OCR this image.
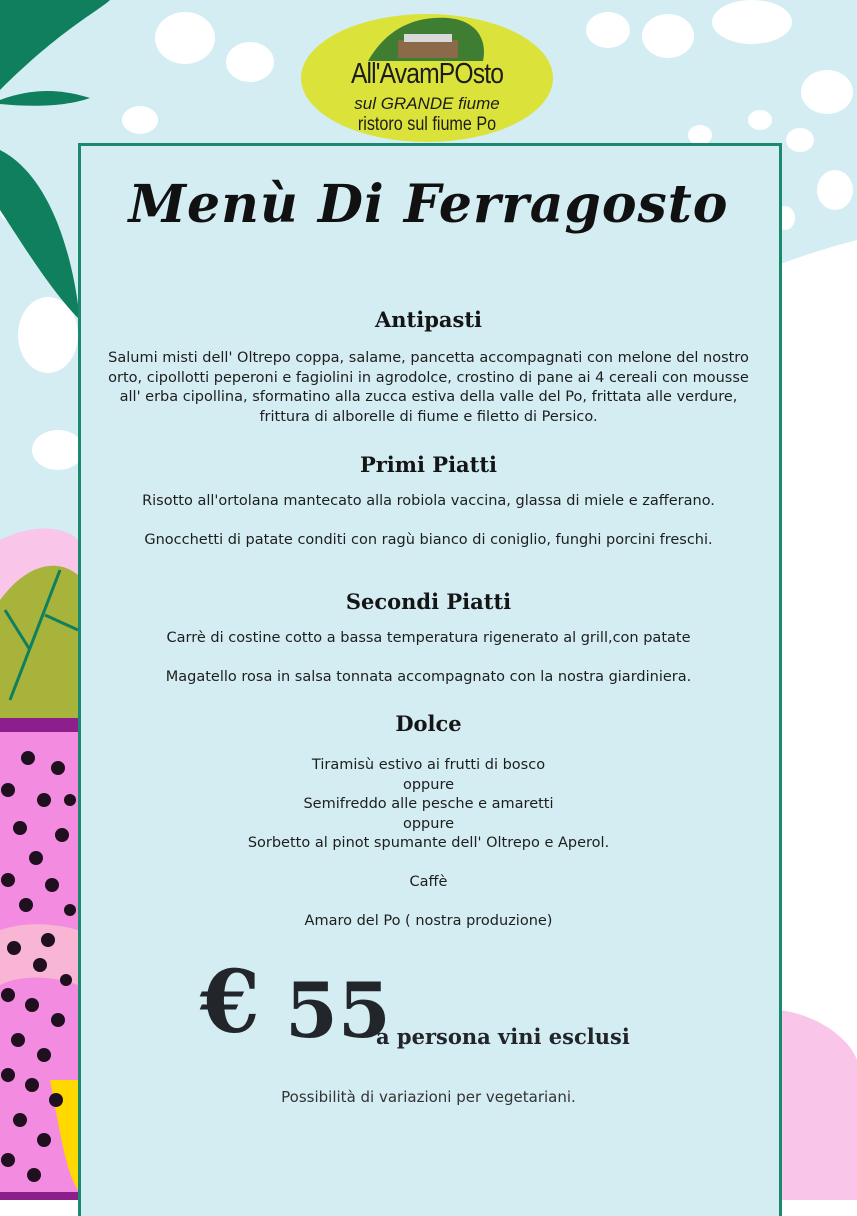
All'AvamPOsto
sul GRANDE fiume
ristoro sul fiume Po
Menù Di Ferragosto
Antipasti
Salumi misti dell' Oltrepo coppa, salame, pancetta accompagnati con melone del nostro orto, cipollotti peperoni e fagiolini in agrodolce, crostino di pane ai 4 cereali con mousse all' erba cipollina, sformatino alla zucca estiva della valle del Po, frittata alle verdure, frittura di alborelle di fiume e filetto di Persico.
Primi Piatti
Risotto all'ortolana mantecato alla robiola vaccina, glassa di miele e zafferano.
Gnocchetti di patate conditi con ragù bianco di coniglio, funghi porcini freschi.
Secondi Piatti
Carrè di costine cotto a bassa temperatura rigenerato al grill,con patate
Magatello rosa in salsa tonnata accompagnato con la nostra giardiniera.
Dolce
Tiramisù estivo ai frutti di bosco
oppure
Semifreddo alle pesche e amaretti
oppure
Sorbetto al pinot spumante dell' Oltrepo e Aperol.
Caffè
Amaro del Po ( nostra produzione)
€ 55
a persona vini esclusi
Possibilità di variazioni per vegetariani.
